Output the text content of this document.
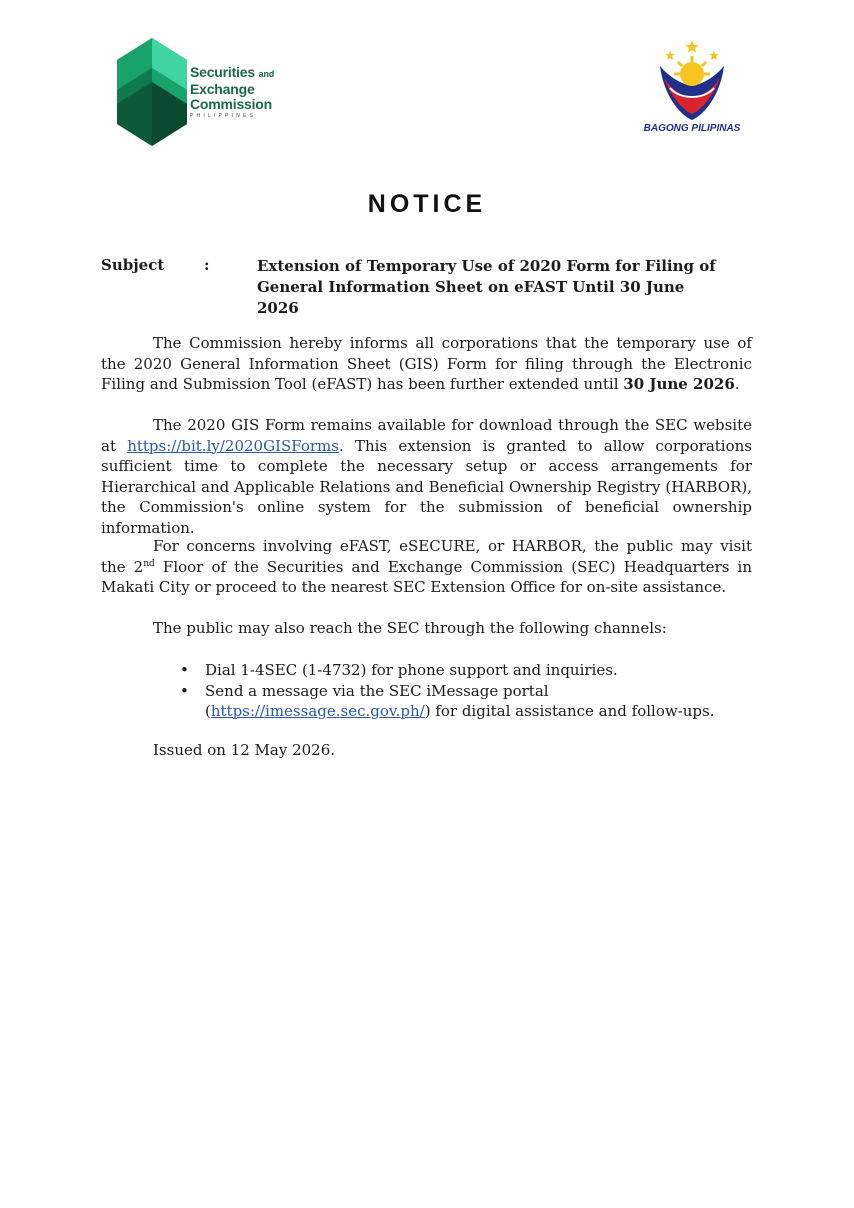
Securities and
Exchange
Commission
PHILIPPINES
BAGONG PILIPINAS
NOTICE
Subject	:	Extension of Temporary Use of 2020 Form for Filing of General Information Sheet on eFAST Until 30 June 2026
The Commission hereby informs all corporations that the temporary use of the 2020 General Information Sheet (GIS) Form for filing through the Electronic Filing and Submission Tool (eFAST) has been further extended until 30 June 2026.
The 2020 GIS Form remains available for download through the SEC website at https://bit.ly/2020GISForms. This extension is granted to allow corporations sufficient time to complete the necessary setup or access arrangements for Hierarchical and Applicable Relations and Beneficial Ownership Registry (HARBOR), the Commission's online system for the submission of beneficial ownership information.
For concerns involving eFAST, eSECURE, or HARBOR, the public may visit the 2nd Floor of the Securities and Exchange Commission (SEC) Headquarters in Makati City or proceed to the nearest SEC Extension Office for on-site assistance.
The public may also reach the SEC through the following channels:
• Dial 1-4SEC (1-4732) for phone support and inquiries.
• Send a message via the SEC iMessage portal (https://imessage.sec.gov.ph/) for digital assistance and follow-ups.
Issued on 12 May 2026.
